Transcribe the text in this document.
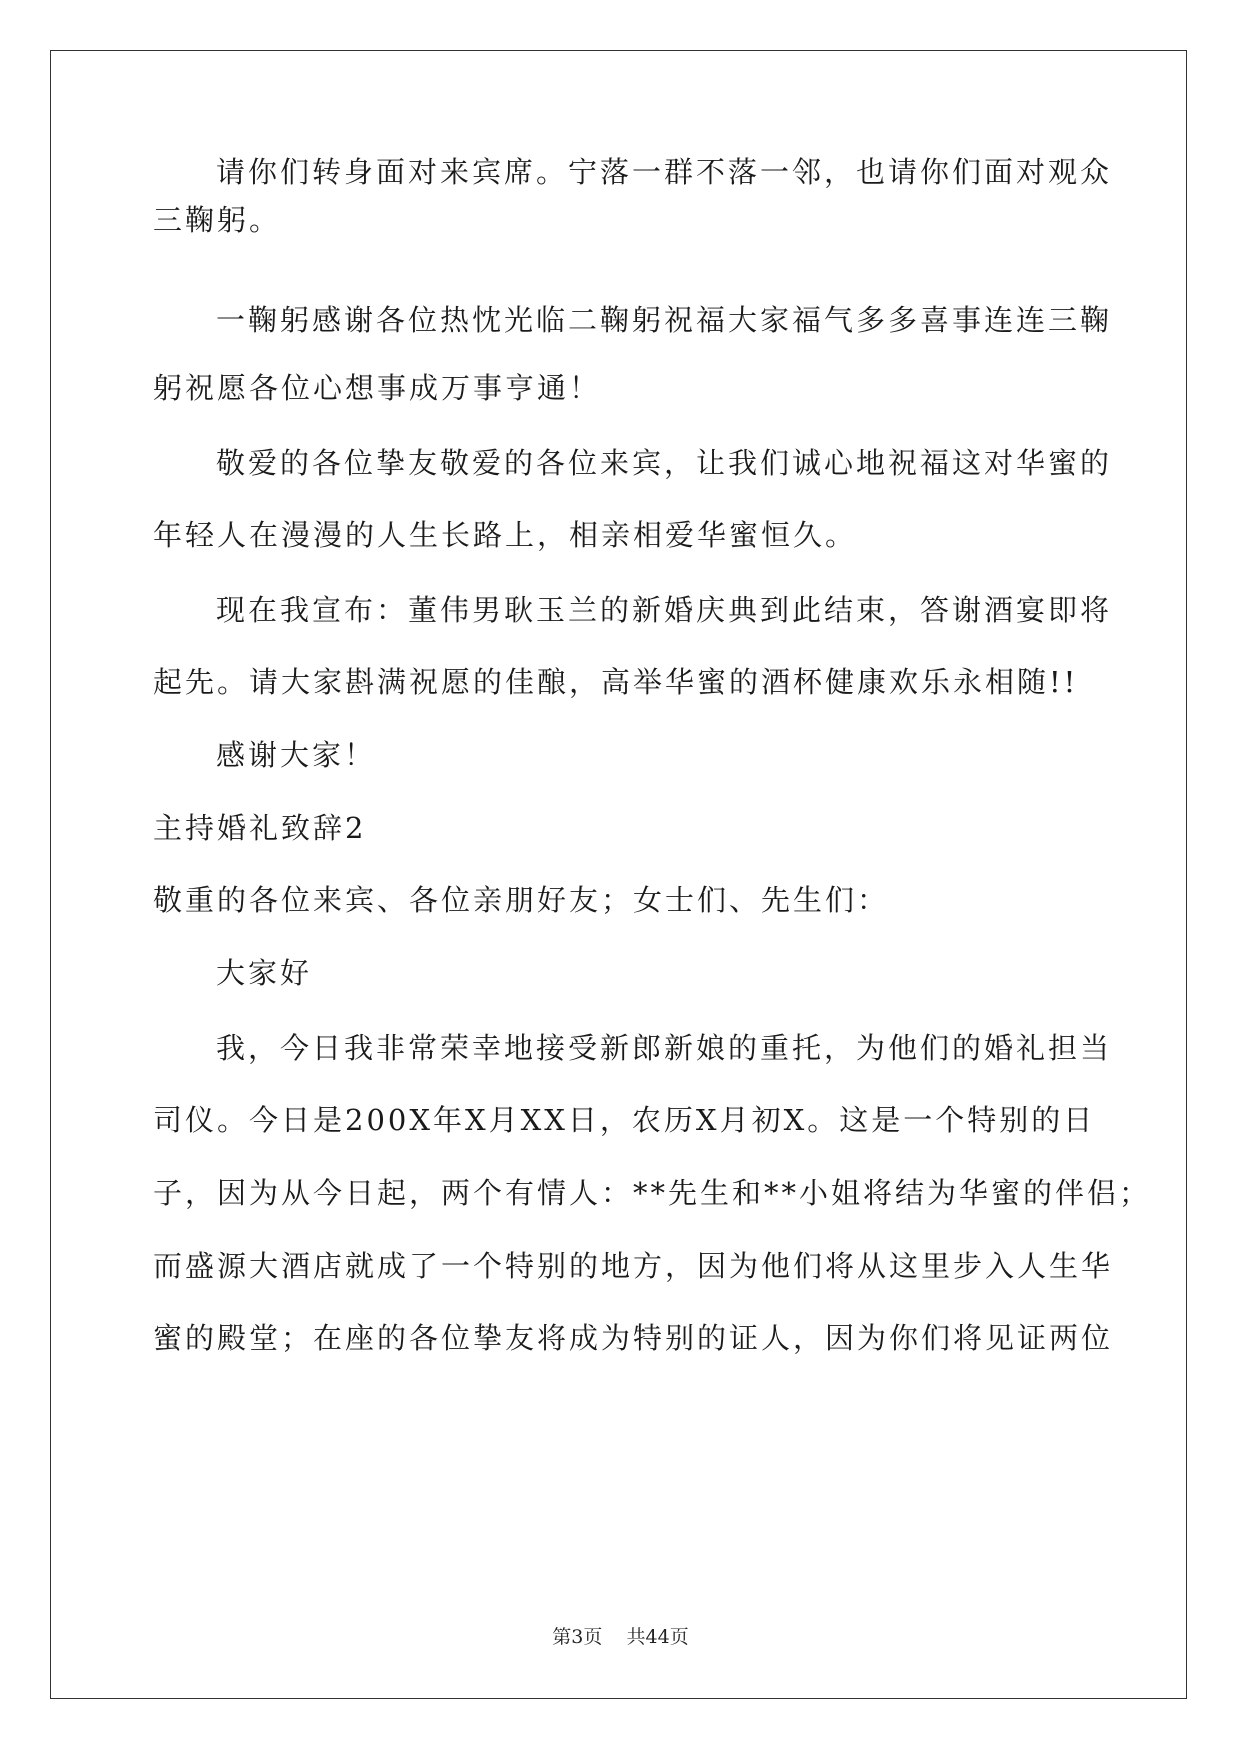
请你们转身面对来宾席。宁落一群不落一邻，也请你们面对观众
三鞠躬。
一鞠躬感谢各位热忱光临二鞠躬祝福大家福气多多喜事连连三鞠
躬祝愿各位心想事成万事亨通！
敬爱的各位挚友敬爱的各位来宾，让我们诚心地祝福这对华蜜的
年轻人在漫漫的人生长路上，相亲相爱华蜜恒久。
现在我宣布：董伟男耿玉兰的新婚庆典到此结束，答谢酒宴即将
起先。请大家斟满祝愿的佳酿，高举华蜜的酒杯健康欢乐永相随!!
感谢大家！
主持婚礼致辞2
敬重的各位来宾、各位亲朋好友；女士们、先生们：
大家好
我，今日我非常荣幸地接受新郎新娘的重托，为他们的婚礼担当
司仪。今日是200X年X月XX日，农历X月初X。这是一个特别的日
子，因为从今日起，两个有情人：**先生和**小姐将结为华蜜的伴侣；
而盛源大酒店就成了一个特别的地方，因为他们将从这里步入人生华
蜜的殿堂；在座的各位挚友将成为特别的证人，因为你们将见证两位
第3页 共44页
